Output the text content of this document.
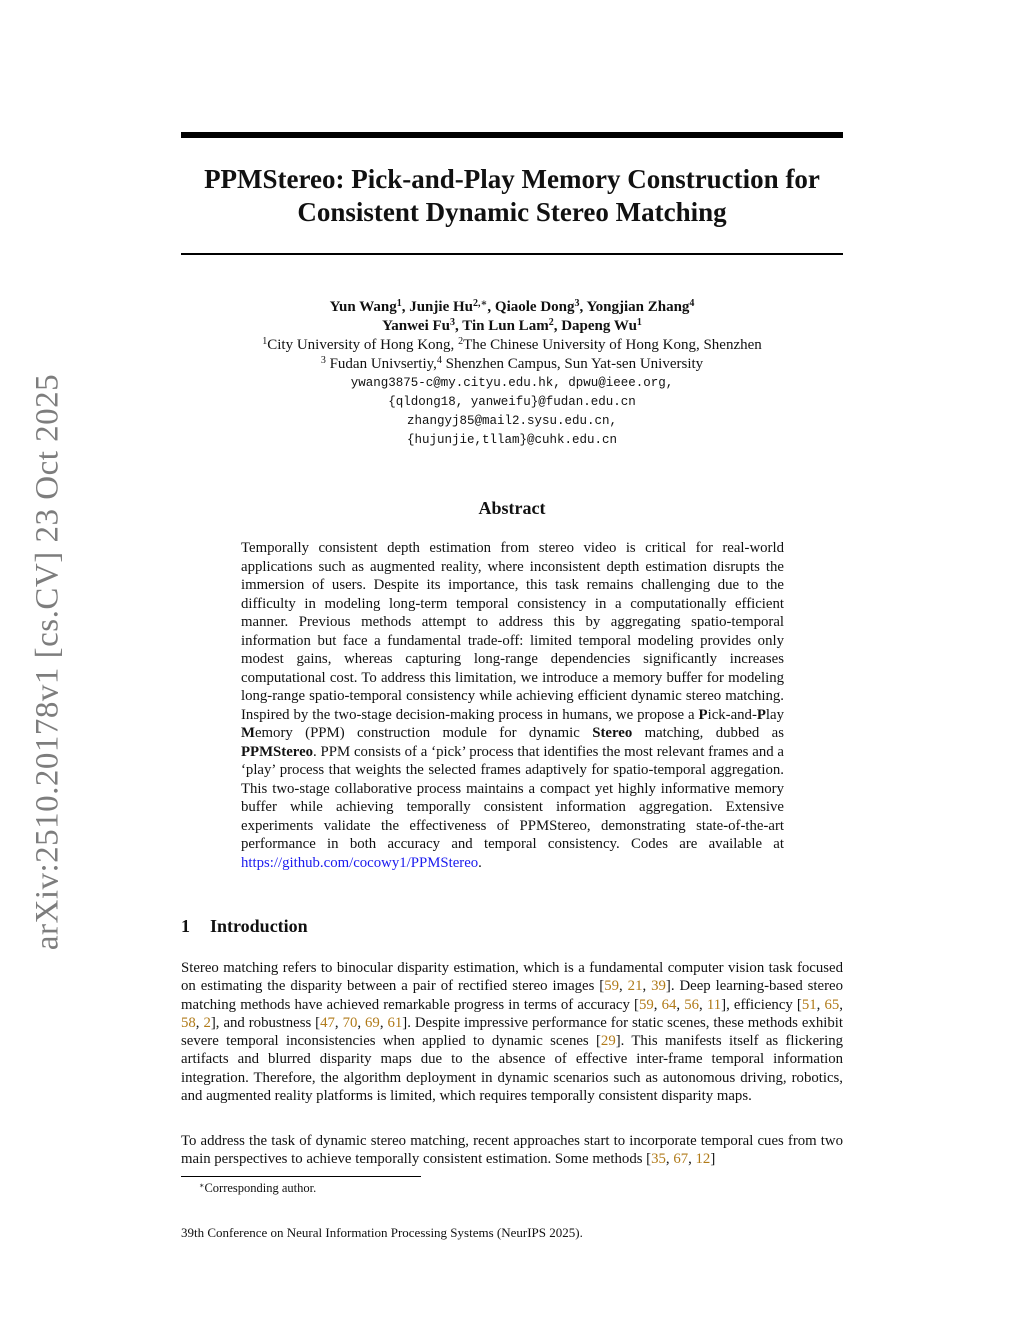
arXiv:2510.20178v1 [cs.CV] 23 Oct 2025
PPMStereo: Pick-and-Play Memory Construction for
Consistent Dynamic Stereo Matching
Yun Wang$^1$, Junjie $Hu^{2,∗}$, Qiaole Dong$^3$, Yongjian Zhang$^4$
Yanwei Fu$^3$, Tin Lun Lam$^2$, Dapeng Wu$^1$
$^1$City University of Hong Kong, $^2$The Chinese University of Hong Kong, Shenzhen
$^3$ Fudan Univsertiy,$^4$ Shenzhen Campus, Sun Yat-sen University
ywang3875-c@my.cityu.edu.hk, dpwu@ieee.org,
{qldong18, yanweifu}@fudan.edu.cn
zhangyj85@mail2.sysu.edu.cn,
{hujunjie,tllam}@cuhk.edu.cn
Abstract

Temporally consistent depth estimation from stereo video is critical for real-world applications such as augmented reality, where inconsistent depth estimation disrupts the immersion of users. Despite its importance, this task remains challenging due to the difficulty in modeling long-term temporal consistency in a computationally efficient manner. Previous methods attempt to address this by aggregating spatio-temporal information but face a fundamental trade-off: limited temporal modeling provides only modest gains, whereas capturing long-range dependencies significantly increases computational cost. To address this limitation, we introduce a memory buffer for modeling long-range spatio-temporal consistency while achieving efficient dynamic stereo matching. Inspired by the two-stage decision-making process in humans, we propose a Pick-and-Play Memory (PPM) construction module for dynamic Stereo matching, dubbed as PPMStereo. PPM consists of a ‘pick’ process that identifies the most relevant frames and a ‘play’ process that weights the selected frames adaptively for spatio-temporal aggregation. This two-stage collaborative process maintains a compact yet highly informative memory buffer while achieving temporally consistent information aggregation. Extensive experiments validate the effectiveness of PPMStereo, demonstrating state-of-the-art performance in both accuracy and temporal consistency. Codes are available at https://github.com/cocowy1/PPMStereo.

1 Introduction

Stereo matching refers to binocular disparity estimation, which is a fundamental computer vision task focused on estimating the disparity between a pair of rectified stereo images [59, 21, 39]. Deep learning-based stereo matching methods have achieved remarkable progress in terms of accuracy [59, 64, 56, 11], efficiency [51, 65, 58, 2], and robustness [47, 70, 69, 61]. Despite impressive performance for static scenes, these methods exhibit severe temporal inconsistencies when applied to dynamic scenes [29]. This manifests itself as flickering artifacts and blurred disparity maps due to the absence of effective inter-frame temporal information integration. Therefore, the algorithm deployment in dynamic scenarios such as autonomous driving, robotics, and augmented reality platforms is limited, which requires temporally consistent disparity maps.

To address the task of dynamic stereo matching, recent approaches start to incorporate temporal cues from two main perspectives to achieve temporally consistent estimation. Some methods [35, 67, 12]

∗Corresponding author.
39th Conference on Neural Information Processing Systems (NeurIPS 2025).
